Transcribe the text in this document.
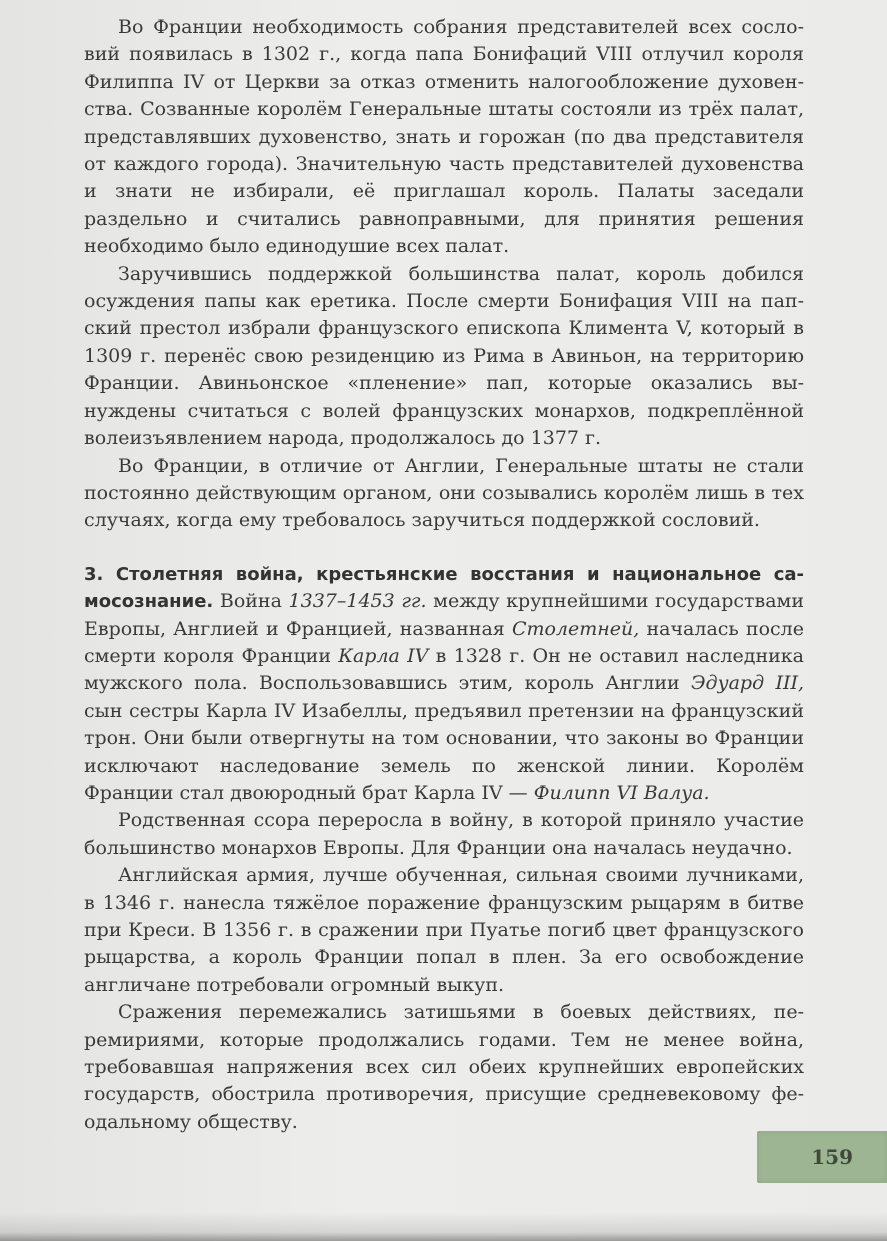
Во Франции необходимость собрания представителей всех сословий появилась в 1302 г., когда папа Бонифаций VIII отлучил короля Филиппа IV от Церкви за отказ отменить налогообложение духовенства. Созванные королём Генеральные штаты состояли из трёх палат, представлявших духовенство, знать и горожан (по два представителя от каждого города). Значительную часть представителей духовенства и знати не избирали, её приглашал король. Палаты заседали раздельно и считались равноправными, для принятия решения необходимо было единодушие всех палат.

Заручившись поддержкой большинства палат, король добился осуждения папы как еретика. После смерти Бонифация VIII на папский престол избрали французского епископа Климента V, который в 1309 г. перенёс свою резиденцию из Рима в Авиньон, на территорию Франции. Авиньонское «пленение» пап, которые оказались вынуждены считаться с волей французских монархов, подкреплённой волеизъявлением народа, продолжалось до 1377 г.

Во Франции, в отличие от Англии, Генеральные штаты не стали постоянно действующим органом, они созывались королём лишь в тех случаях, когда ему требовалось заручиться поддержкой сословий.

3. Столетняя война, крестьянские восстания и национальное самосознание. Война 1337–1453 гг. между крупнейшими государствами Европы, Англией и Францией, названная Столетней, началась после смерти короля Франции Карла IV в 1328 г. Он не оставил наследника мужского пола. Воспользовавшись этим, король Англии Эдуард III, сын сестры Карла IV Изабеллы, предъявил претензии на французский трон. Они были отвергнуты на том основании, что законы во Франции исключают наследование земель по женской линии. Королём Франции стал двоюродный брат Карла IV — Филипп VI Валуа.

Родственная ссора переросла в войну, в которой приняло участие большинство монархов Европы. Для Франции она началась неудачно.

Английская армия, лучше обученная, сильная своими лучниками, в 1346 г. нанесла тяжёлое поражение французским рыцарям в битве при Креси. В 1356 г. в сражении при Пуатье погиб цвет французского рыцарства, а король Франции попал в плен. За его освобождение англичане потребовали огромный выкуп.

Сражения перемежались затишьями в боевых действиях, перемириями, которые продолжались годами. Тем не менее война, требовавшая напряжения всех сил обеих крупнейших европейских государств, обострила противоречия, присущие средневековому феодальному обществу.

159
